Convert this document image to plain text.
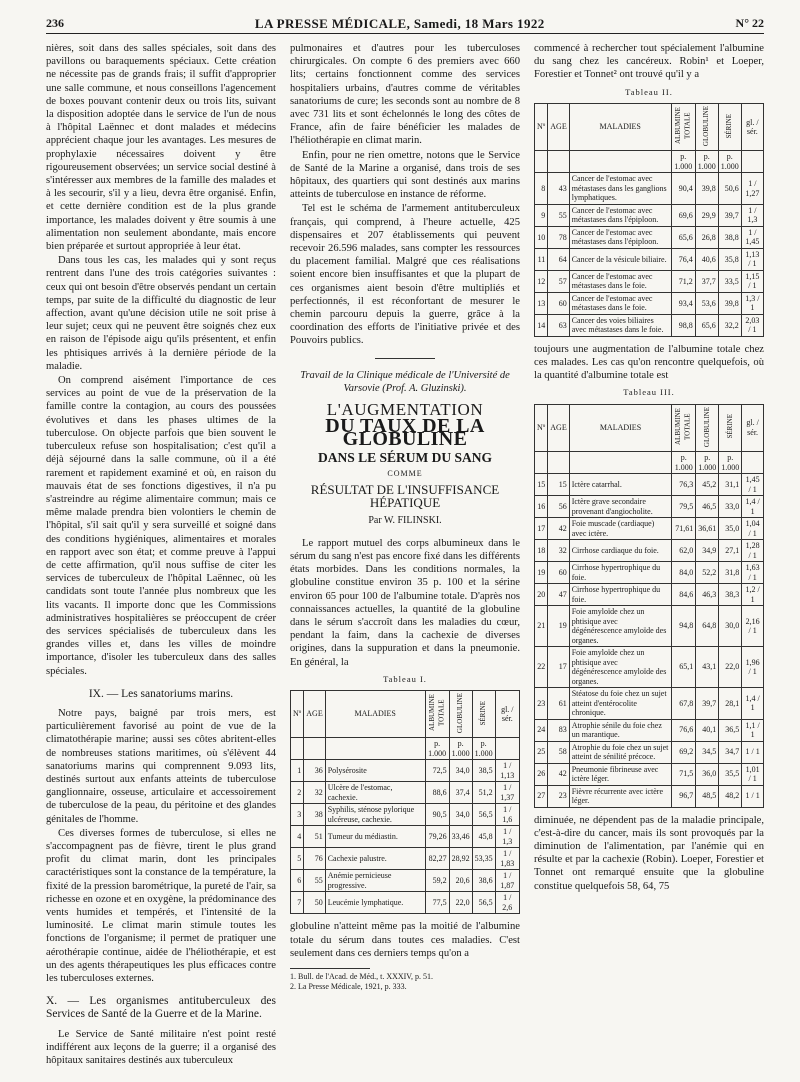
236	LA PRESSE MÉDICALE, Samedi, 18 Mars 1922	N° 22

nières, soit dans des salles spéciales, soit dans des pavillons ou baraquements spéciaux. Cette création ne nécessite pas de grands frais; il suffit d'approprier une salle commune, et nous conseillons l'agencement de boxes pouvant contenir deux ou trois lits, suivant la disposition adoptée dans le service de l'un de nous à l'hôpital Laënnec et dont malades et médecins apprécient chaque jour les avantages. Les mesures de prophylaxie nécessaires doivent y être rigoureusement observées; un service social destiné à s'intéresser aux membres de la famille des malades et à les secourir, s'il y a lieu, devra être organisé. Enfin, et cette dernière condition est de la plus grande importance, les malades doivent y être soumis à une alimentation non seulement abondante, mais encore bien préparée et surtout appropriée à leur état.

Dans tous les cas, les malades qui y sont reçus rentrent dans l'une des trois catégories suivantes : ceux qui ont besoin d'être observés pendant un certain temps, par suite de la difficulté du diagnostic de leur affection, avant qu'une décision utile ne soit prise à leur sujet; ceux qui ne peuvent être soignés chez eux en raison de l'épisode aigu qu'ils présentent, et enfin les phtisiques arrivés à la dernière période de la maladie.

On comprend aisément l'importance de ces services au point de vue de la préservation de la famille contre la contagion, au cours des poussées évolutives et dans les phases ultimes de la tuberculose. On objecte parfois que bien souvent le tuberculeux refuse son hospitalisation; c'est qu'il a déjà séjourné dans la salle commune, où il a été rarement et rapidement examiné et où, en raison du mauvais état de ses fonctions digestives, il n'a pu s'astreindre au régime alimentaire commun; mais ce même malade prendra bien volontiers le chemin de l'hôpital, s'il sait qu'il y sera surveillé et soigné dans des conditions hygiéniques, alimentaires et morales en rapport avec son état; et comme preuve à l'appui de cette affirmation, qu'il nous suffise de citer les services de tuberculeux de l'hôpital Laënnec, où les candidats sont toute l'année plus nombreux que les lits vacants. Il importe donc que les Commissions administratives hospitalières se préoccupent de créer des services spécialisés de tuberculeux dans les grandes villes et, dans les villes de moindre importance, d'isoler les tuberculeux dans des salles spéciales.

IX. — Les sanatoriums marins.

Notre pays, baigné par trois mers, est particulièrement favorisé au point de vue de la climatothérapie marine; aussi ses côtes abritent-elles de nombreuses stations maritimes, où s'élèvent 44 sanatoriums marins qui comprennent 9.093 lits, destinés surtout aux enfants atteints de tuberculose ganglionnaire, osseuse, articulaire et accessoirement de tuberculose de la peau, du péritoine et des glandes génitales de l'homme.

Ces diverses formes de tuberculose, si elles ne s'accompagnent pas de fièvre, tirent le plus grand profit du climat marin, dont les principales caractéristiques sont la constance de la température, la fixité de la pression barométrique, la pureté de l'air, sa richesse en ozone et en oxygène, la prédominance des vents humides et tempérés, et l'intensité de la luminosité. Le climat marin stimule toutes les fonctions de l'organisme; il permet de pratiquer une aérothérapie continue, aidée de l'héliothérapie, et est un des agents thérapeutiques les plus efficaces contre les tuberculoses externes.

X. — Les organismes antituberculeux des Services de Santé de la Guerre et de la Marine.

Le Service de Santé militaire n'est point resté indifférent aux leçons de la guerre; il a organisé des hôpitaux sanitaires destinés aux tuberculeux

pulmonaires et d'autres pour les tuberculoses chirurgicales. On compte 6 des premiers avec 660 lits; certains fonctionnent comme des services hospitaliers urbains, d'autres comme de véritables sanatoriums de cure; les seconds sont au nombre de 8 avec 731 lits et sont échelonnés le long des côtes de France, afin de faire bénéficier les malades de l'héliothérapie en climat marin.

Enfin, pour ne rien omettre, notons que le Service de Santé de la Marine a organisé, dans trois de ses hôpitaux, des quartiers qui sont destinés aux marins atteints de tuberculose en instance de réforme.

Tel est le schéma de l'armement antituberculeux français, qui comprend, à l'heure actuelle, 425 dispensaires et 207 établissements qui peuvent recevoir 26.596 malades, sans compter les ressources du placement familial. Malgré que ces réalisations soient encore bien insuffisantes et que la plupart de ces organismes aient besoin d'être multipliés et perfectionnés, il est réconfortant de mesurer le chemin parcouru depuis la guerre, grâce à la coordination des efforts de l'initiative privée et des Pouvoirs publics.

Travail de la Clinique médicale de l'Université de Varsovie (Prof. A. Gluzinski).
L'AUGMENTATION
DU TAUX DE LA GLOBULINE
DANS LE SÉRUM DU SANG
COMME
RÉSULTAT DE L'INSUFFISANCE HÉPATIQUE
Par W. FILINSKI.

Le rapport mutuel des corps albumineux dans le sérum du sang n'est pas encore fixé dans les différents états morbides. Dans les conditions normales, la globuline constitue environ 35 p. 100 et la sérine environ 65 pour 100 de l'albumine totale. D'après nos connaissances actuelles, la quantité de la globuline dans le sérum s'accroît dans les maladies du cœur, pendant la faim, dans la cachexie de diverses origines, dans la suppuration et dans la pneumonie. En général, la

Tableau I.
Nº	AGE	MALADIES	ALBUMINE TOTALE	GLOBULINE	SÉRINE	gl. / sér.
			p. 1.000	p. 1.000	p. 1.000	
1	36	Polysérosite	72,5	34,0	38,5	1 / 1,13
2	32	Ulcère de l'estomac, cachexie.	88,6	37,4	51,2	1 / 1,37
3	38	Syphilis, sténose pylorique ulcéreuse, cachexie.	90,5	34,0	56,5	1 / 1,6
4	51	Tumeur du médiastin.	79,26	33,46	45,8	1 / 1,3
5	76	Cachexie palustre.	82,27	28,92	53,35	1 / 1,83
6	55	Anémie pernicieuse progressive.	59,2	20,6	38,6	1 / 1,87
7	50	Leucémie lymphatique.	77,5	22,0	56,5	1 / 2,6

globuline n'atteint même pas la moitié de l'albumine totale du sérum dans toutes ces maladies. C'est seulement dans ces derniers temps qu'on a

1. Bull. de l'Acad. de Méd., t. XXXIV, p. 51.
2. La Presse Médicale, 1921, p. 333.

commencé à rechercher tout spécialement l'albumine du sang chez les cancéreux. Robin¹ et Loeper, Forestier et Tonnet² ont trouvé qu'il y a

Tableau II.
Nº	AGE	MALADIES	ALBUMINE TOTALE	GLOBULINE	SÉRINE	gl. / sér.
			p. 1.000	p. 1.000	p. 1.000	
8	43	Cancer de l'estomac avec métastases dans les ganglions lymphatiques.	90,4	39,8	50,6	1 / 1,27
9	55	Cancer de l'estomac avec métastases dans l'épiploon.	69,6	29,9	39,7	1 / 1,3
10	78	Cancer de l'estomac avec métastases dans l'épiploon.	65,6	26,8	38,8	1 / 1,45
11	64	Cancer de la vésicule biliaire.	76,4	40,6	35,8	1,13 / 1
12	57	Cancer de l'estomac avec métastases dans le foie.	71,2	37,7	33,5	1,15 / 1
13	60	Cancer de l'estomac avec métastases dans le foie.	93,4	53,6	39,8	1,3 / 1
14	63	Cancer des voies biliaires avec métastases dans le foie.	98,8	65,6	32,2	2,03 / 1

toujours une augmentation de l'albumine totale chez ces malades. Les cas qu'on rencontre quelquefois, où la quantité d'albumine totale est

Tableau III.
Nº	AGE	MALADIES	ALBUMINE TOTALE	GLOBULINE	SÉRINE	gl. / sér.
			p. 1.000	p. 1.000	p. 1.000	
15	15	Ictère catarrhal.	76,3	45,2	31,1	1,45 / 1
16	56	Ictère grave secondaire provenant d'angiocholite.	79,5	46,5	33,0	1,4 / 1
17	42	Foie muscade (cardiaque) avec ictère.	71,61	36,61	35,0	1,04 / 1
18	32	Cirrhose cardiaque du foie.	62,0	34,9	27,1	1,28 / 1
19	60	Cirrhose hypertrophique du foie.	84,0	52,2	31,8	1,63 / 1
20	47	Cirrhose hypertrophique du foie.	84,6	46,3	38,3	1,2 / 1
21	19	Foie amyloïde chez un phtisique avec dégénérescence amyloïde des organes.	94,8	64,8	30,0	2,16 / 1
22	17	Foie amyloïde chez un phtisique avec dégénérescence amyloïde des organes.	65,1	43,1	22,0	1,96 / 1
23	61	Stéatose du foie chez un sujet atteint d'entérocolite chronique.	67,8	39,7	28,1	1,4 / 1
24	83	Atrophie sénile du foie chez un marantique.	76,6	40,1	36,5	1,1 / 1
25	58	Atrophie du foie chez un sujet atteint de sénilité précoce.	69,2	34,5	34,7	1 / 1
26	42	Pneumonie fibrineuse avec ictère léger.	71,5	36,0	35,5	1,01 / 1
27	23	Fièvre récurrente avec ictère léger.	96,7	48,5	48,2	1 / 1

diminuée, ne dépendent pas de la maladie principale, c'est-à-dire du cancer, mais ils sont provoqués par la diminution de l'alimentation, par l'anémie qui en résulte et par la cachexie (Robin). Loeper, Forestier et Tonnet ont remarqué ensuite que la globuline constitue quelquefois 58, 64, 75
